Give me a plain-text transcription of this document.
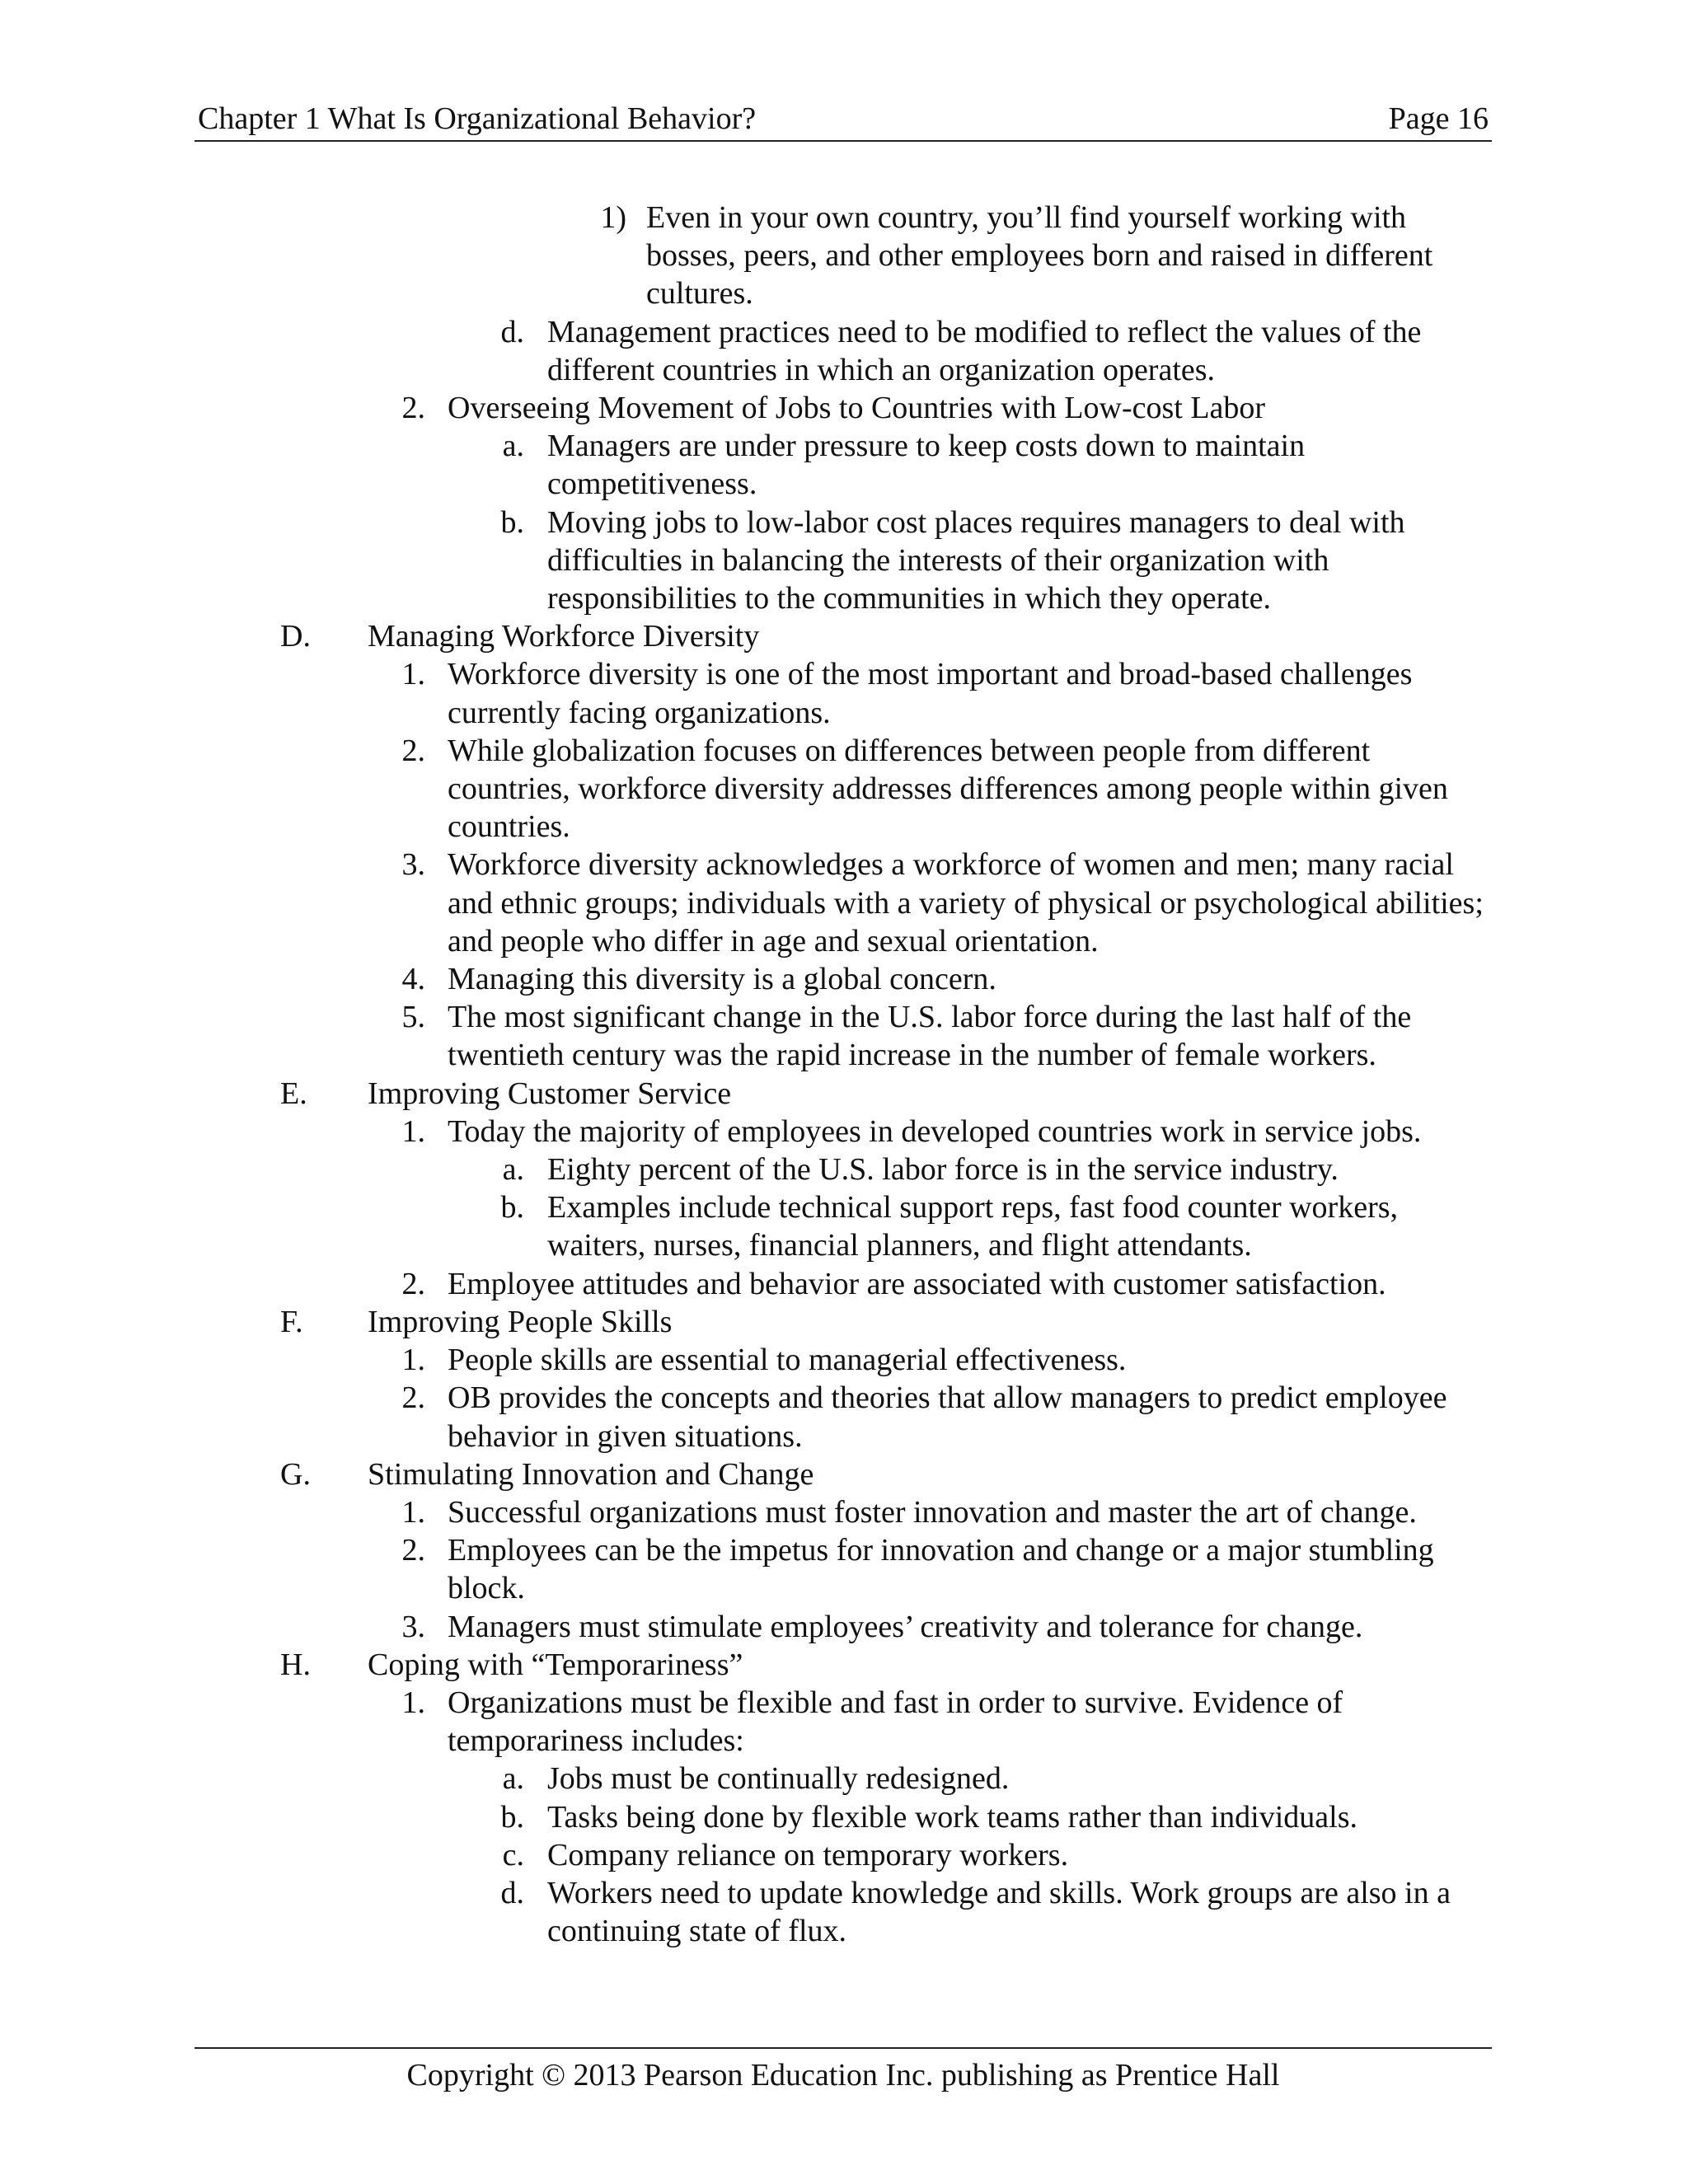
Chapter 1 What Is Organizational Behavior?	Page 16
1) Even in your own country, you’ll find yourself working with bosses, peers, and other employees born and raised in different cultures.
d. Management practices need to be modified to reflect the values of the different countries in which an organization operates.
2. Overseeing Movement of Jobs to Countries with Low-cost Labor
a. Managers are under pressure to keep costs down to maintain competitiveness.
b. Moving jobs to low-labor cost places requires managers to deal with difficulties in balancing the interests of their organization with responsibilities to the communities in which they operate.
D.	Managing Workforce Diversity
1. Workforce diversity is one of the most important and broad-based challenges currently facing organizations.
2. While globalization focuses on differences between people from different countries, workforce diversity addresses differences among people within given countries.
3. Workforce diversity acknowledges a workforce of women and men; many racial and ethnic groups; individuals with a variety of physical or psychological abilities; and people who differ in age and sexual orientation.
4. Managing this diversity is a global concern.
5. The most significant change in the U.S. labor force during the last half of the twentieth century was the rapid increase in the number of female workers.
E.	Improving Customer Service
1. Today the majority of employees in developed countries work in service jobs.
a. Eighty percent of the U.S. labor force is in the service industry.
b. Examples include technical support reps, fast food counter workers, waiters, nurses, financial planners, and flight attendants.
2. Employee attitudes and behavior are associated with customer satisfaction.
F.	Improving People Skills
1. People skills are essential to managerial effectiveness.
2. OB provides the concepts and theories that allow managers to predict employee behavior in given situations.
G.	Stimulating Innovation and Change
1. Successful organizations must foster innovation and master the art of change.
2. Employees can be the impetus for innovation and change or a major stumbling block.
3. Managers must stimulate employees’ creativity and tolerance for change.
H.	Coping with “Temporariness”
1. Organizations must be flexible and fast in order to survive. Evidence of temporariness includes:
a. Jobs must be continually redesigned.
b. Tasks being done by flexible work teams rather than individuals.
c. Company reliance on temporary workers.
d. Workers need to update knowledge and skills. Work groups are also in a continuing state of flux.
Copyright © 2013 Pearson Education Inc. publishing as Prentice Hall
